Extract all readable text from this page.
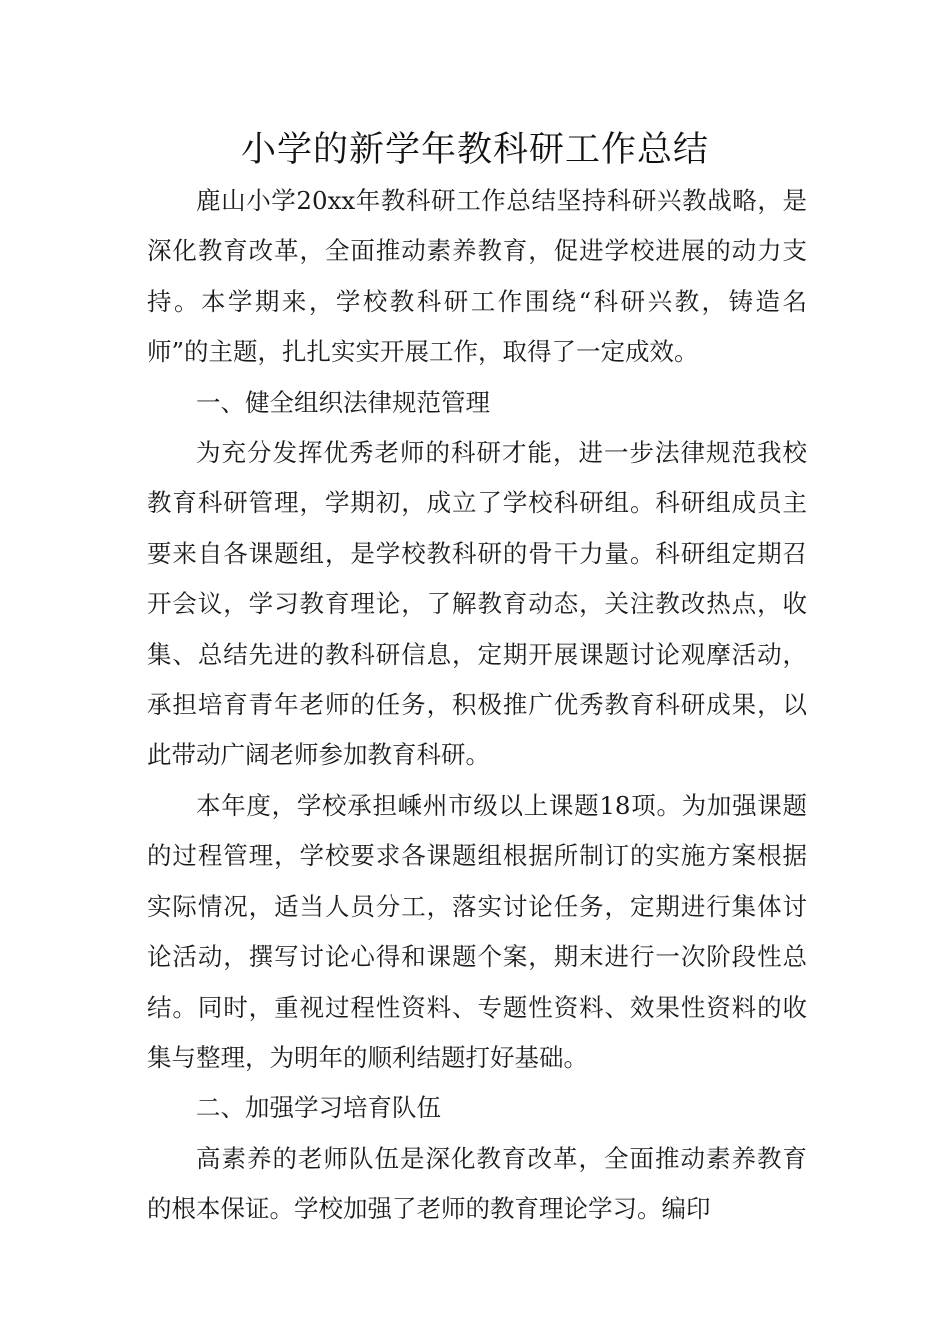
小学的新学年教科研工作总结

鹿山小学20xx年教科研工作总结坚持科研兴教战略，是深化教育改革，全面推动素养教育，促进学校进展的动力支持。本学期来，学校教科研工作围绕“科研兴教，铸造名师”的主题，扎扎实实开展工作，取得了一定成效。

一、健全组织法律规范管理

为充分发挥优秀老师的科研才能，进一步法律规范我校教育科研管理，学期初，成立了学校科研组。科研组成员主要来自各课题组，是学校教科研的骨干力量。科研组定期召开会议，学习教育理论，了解教育动态，关注教改热点，收集、总结先进的教科研信息，定期开展课题讨论观摩活动，承担培育青年老师的任务，积极推广优秀教育科研成果，以此带动广阔老师参加教育科研。

本年度，学校承担嵊州市级以上课题18项。为加强课题的过程管理，学校要求各课题组根据所制订的实施方案根据实际情况，适当人员分工，落实讨论任务，定期进行集体讨论活动，撰写讨论心得和课题个案，期末进行一次阶段性总结。同时，重视过程性资料、专题性资料、效果性资料的收集与整理，为明年的顺利结题打好基础。

二、加强学习培育队伍

高素养的老师队伍是深化教育改革，全面推动素养教育的根本保证。学校加强了老师的教育理论学习。编印
